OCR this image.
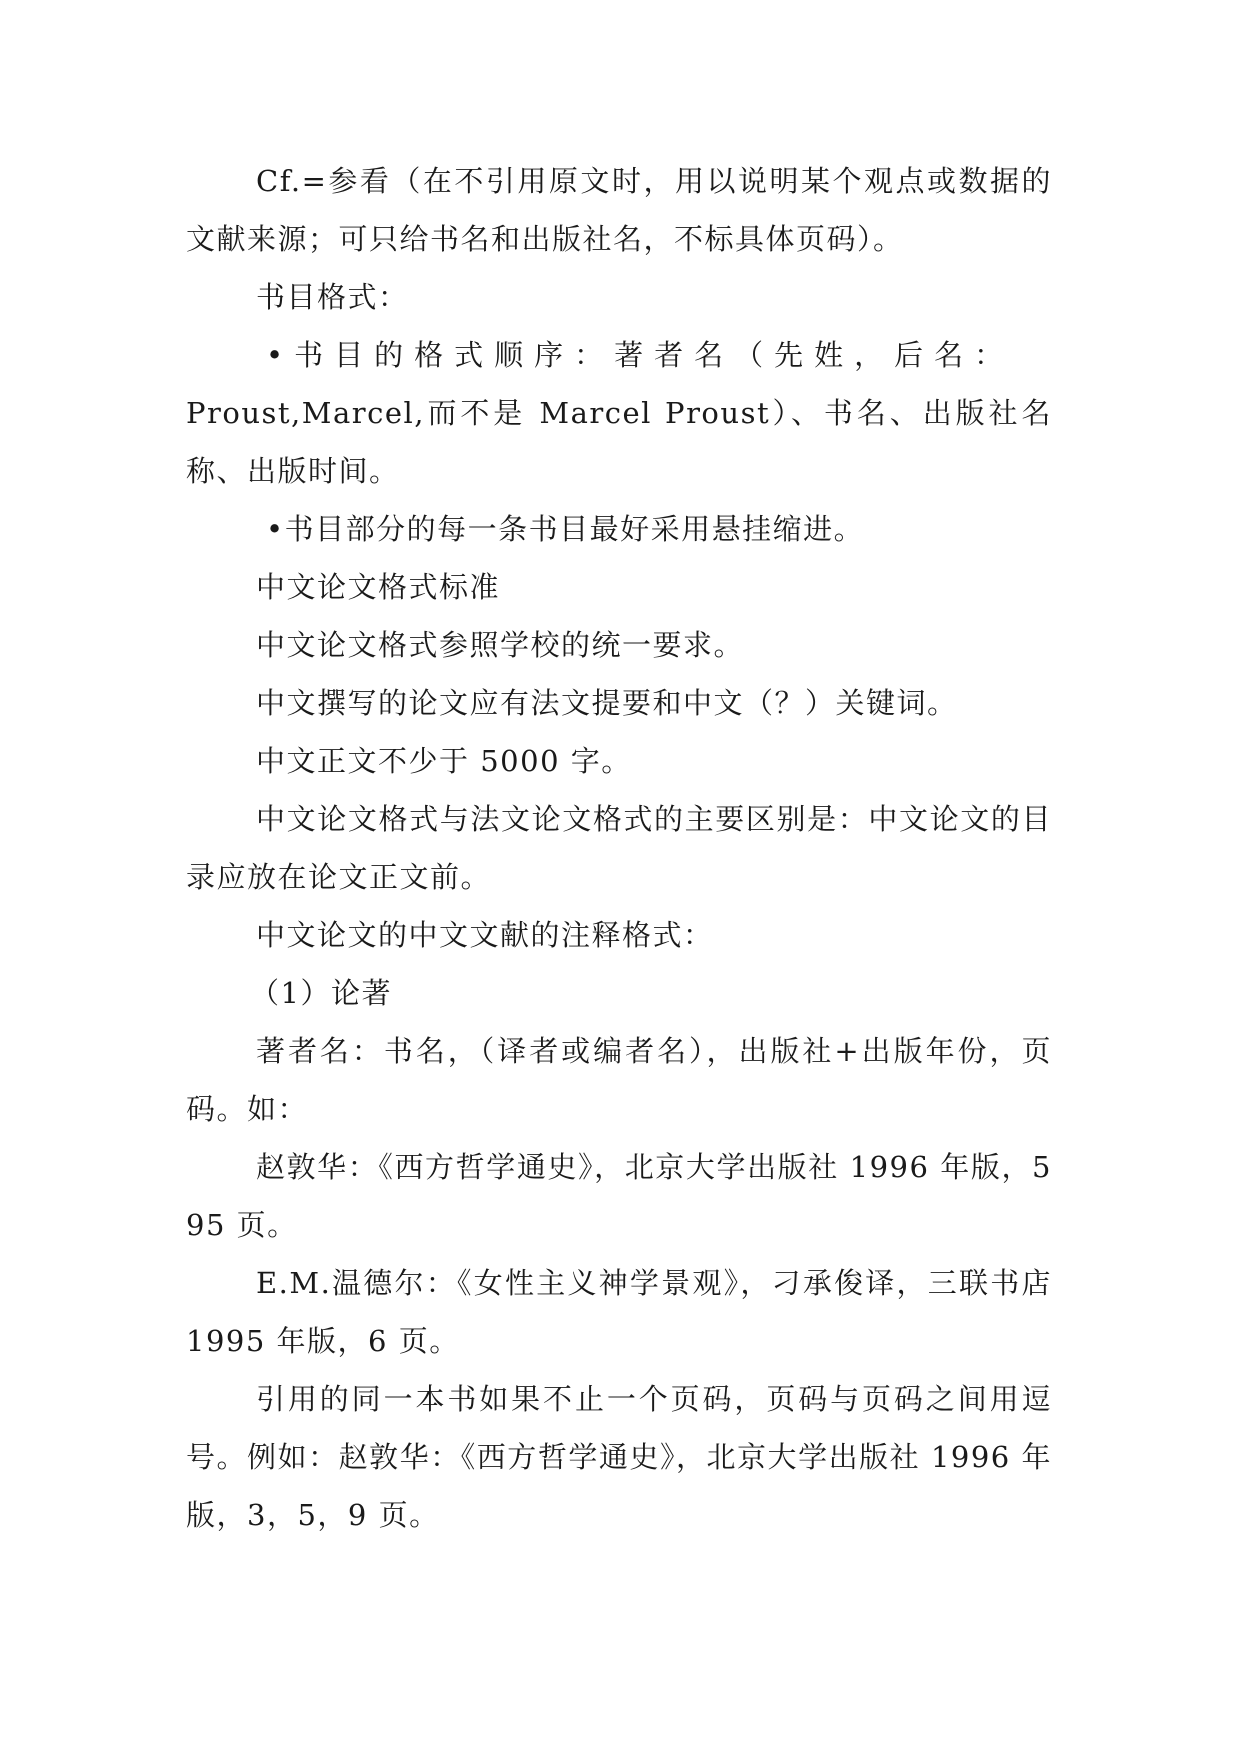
Cf.=参看（在不引用原文时，用以说明某个观点或数据的文献来源；可只给书名和出版社名，不标具体页码）。

书目格式：

•书目的格式顺序：著者名（先姓，后名：

Proust,Marcel,而不是 Marcel Proust）、书名、出版社名称、出版时间。

•书目部分的每一条书目最好采用悬挂缩进。

中文论文格式标准

中文论文格式参照学校的统一要求。

中文撰写的论文应有法文提要和中文（？）关键词。

中文正文不少于 5000 字。

中文论文格式与法文论文格式的主要区别是：中文论文的目录应放在论文正文前。

中文论文的中文文献的注释格式：

（1）论著

著者名：书名，（译者或编者名），出版社+出版年份，页码。如：

赵敦华：《西方哲学通史》，北京大学出版社 1996 年版，595 页。

E.M.温德尔：《女性主义神学景观》，刁承俊译，三联书店 1995 年版，6 页。

引用的同一本书如果不止一个页码，页码与页码之间用逗号。例如：赵敦华：《西方哲学通史》，北京大学出版社 1996 年版，3，5，9 页。
